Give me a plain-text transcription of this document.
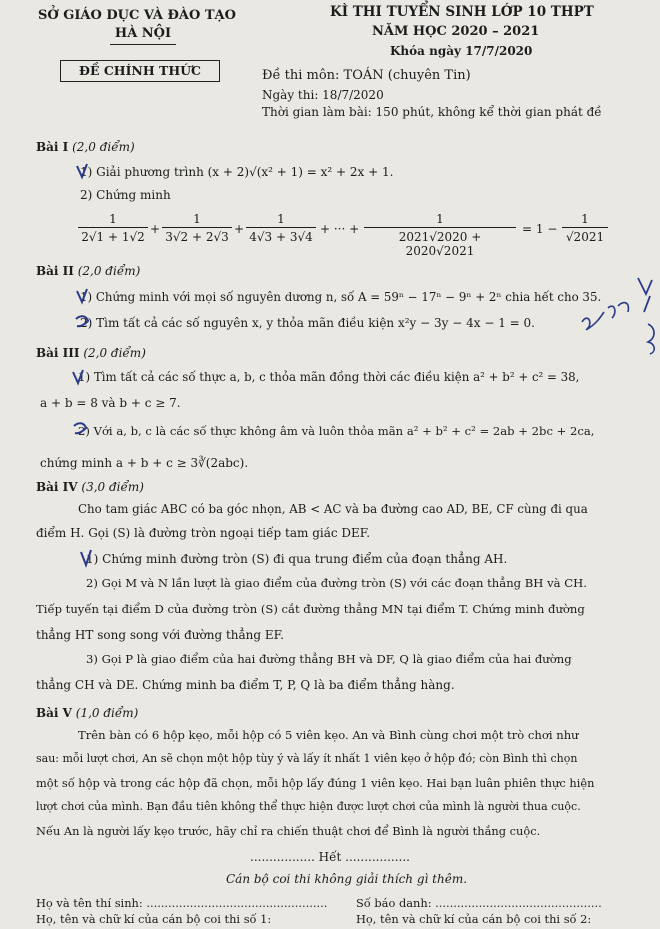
SỞ GIÁO DỤC VÀ ĐÀO TẠO
HÀ NỘI
ĐỀ CHÍNH THỨC
KÌ THI TUYỂN SINH LỚP 10 THPT
NĂM HỌC 2020 – 2021
Khóa ngày 17/7/2020
Đề thi môn: TOÁN (chuyên Tin)
Ngày thi: 18/7/2020
Thời gian làm bài: 150 phút, không kể thời gian phát đề
Bài I (2,0 điểm)
1) Giải phương trình (x + 2)√(x² + 1) = x² + 2x + 1.
2) Chứng minh
1
2√1 + 1√2
+
1
3√2 + 2√3
+
1
4√3 + 3√4
+ ··· +
1
2021√2020 + 2020√2021
= 1 −
1
√2021
Bài II (2,0 điểm)
1) Chứng minh với mọi số nguyên dương n, số A = 59ⁿ − 17ⁿ − 9ⁿ + 2ⁿ chia hết cho 35.
2) Tìm tất cả các số nguyên x, y thỏa mãn điều kiện x²y − 3y − 4x − 1 = 0.
Bài III (2,0 điểm)
1) Tìm tất cả các số thực a, b, c thỏa mãn đồng thời các điều kiện a² + b² + c² = 38,
a + b = 8 và b + c ≥ 7.
2) Với a, b, c là các số thực không âm và luôn thỏa mãn a² + b² + c² = 2ab + 2bc + 2ca,
chứng minh a + b + c ≥ 3∛(2abc).
Bài IV (3,0 điểm)
Cho tam giác ABC có ba góc nhọn, AB < AC và ba đường cao AD, BE, CF cùng đi qua
điểm H. Gọi (S) là đường tròn ngoại tiếp tam giác DEF.
1) Chứng minh đường tròn (S) đi qua trung điểm của đoạn thẳng AH.
2) Gọi M và N lần lượt là giao điểm của đường tròn (S) với các đoạn thẳng BH và CH.
Tiếp tuyến tại điểm D của đường tròn (S) cắt đường thẳng MN tại điểm T. Chứng minh đường
thẳng HT song song với đường thẳng EF.
3) Gọi P là giao điểm của hai đường thẳng BH và DF, Q là giao điểm của hai đường
thẳng CH và DE. Chứng minh ba điểm T, P, Q là ba điểm thẳng hàng.
Bài V (1,0 điểm)
Trên bàn có 6 hộp kẹo, mỗi hộp có 5 viên kẹo. An và Bình cùng chơi một trò chơi như
sau: mỗi lượt chơi, An sẽ chọn một hộp tùy ý và lấy ít nhất 1 viên kẹo ở hộp đó; còn Bình thì chọn
một số hộp và trong các hộp đã chọn, mỗi hộp lấy đúng 1 viên kẹo. Hai bạn luân phiên thực hiện
lượt chơi của mình. Bạn đầu tiên không thể thực hiện được lượt chơi của mình là người thua cuộc.
Nếu An là người lấy kẹo trước, hãy chỉ ra chiến thuật chơi để Bình là người thắng cuộc.
................. Hết .................
Cán bộ coi thi không giải thích gì thêm.
Họ và tên thí sinh: ..................................................	Số báo danh: ..............................................
Họ, tên và chữ kí của cán bộ coi thi số 1:	Họ, tên và chữ kí của cán bộ coi thi số 2:
